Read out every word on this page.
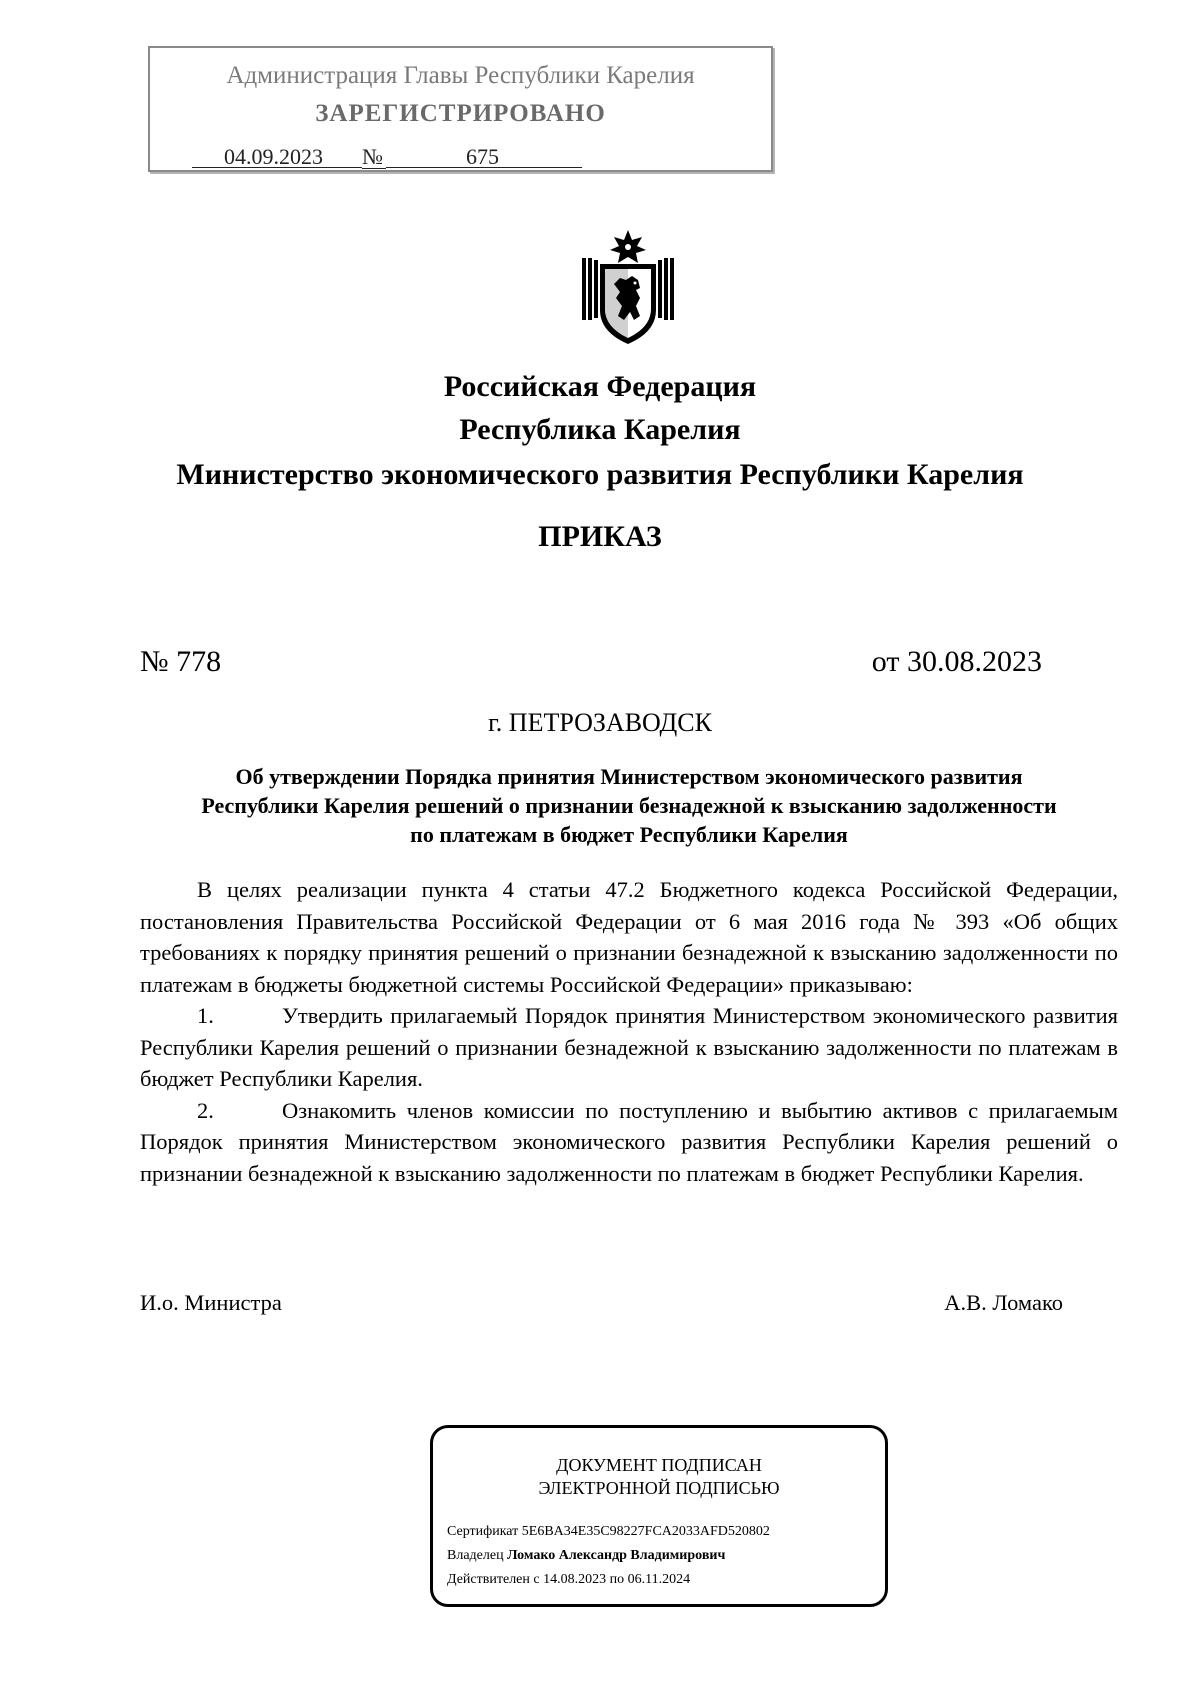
Администрация Главы Республики Карелия
ЗАРЕГИСТРИРОВАНО
04.09.2023 №	675
Российская Федерация
Республика Карелия
Министерство экономического развития Республики Карелия
ПРИКАЗ
№ 778	от 30.08.2023
г. ПЕТРОЗАВОДСК
Об утверждении Порядка принятия Министерством экономического развития
Республики Карелия решений о признании безнадежной к взысканию задолженности
по платежам в бюджет Республики Карелия

В целях реализации пункта 4 статьи 47.2 Бюджетного кодекса Российской Федерации, постановления Правительства Российской Федерации от 6 мая 2016 года № 393 «Об общих требованиях к порядку принятия решений о признании безнадежной к взысканию задолженности по платежам в бюджеты бюджетной системы Российской Федерации» приказываю:

1.	Утвердить прилагаемый Порядок принятия Министерством экономического развития Республики Карелия решений о признании безнадежной к взысканию задолженности по платежам в бюджет Республики Карелия.

2.	Ознакомить членов комиссии по поступлению и выбытию активов с прилагаемым Порядок принятия Министерством экономического развития Республики Карелия решений о признании безнадежной к взысканию задолженности по платежам в бюджет Республики Карелия.

И.о. Министра	А.В. Ломако
ДОКУМЕНТ ПОДПИСАН
ЭЛЕКТРОННОЙ ПОДПИСЬЮ
Сертификат 5E6BA34E35C98227FCA2033AFD520802
Владелец Ломако Александр Владимирович
Действителен с 14.08.2023 по 06.11.2024
